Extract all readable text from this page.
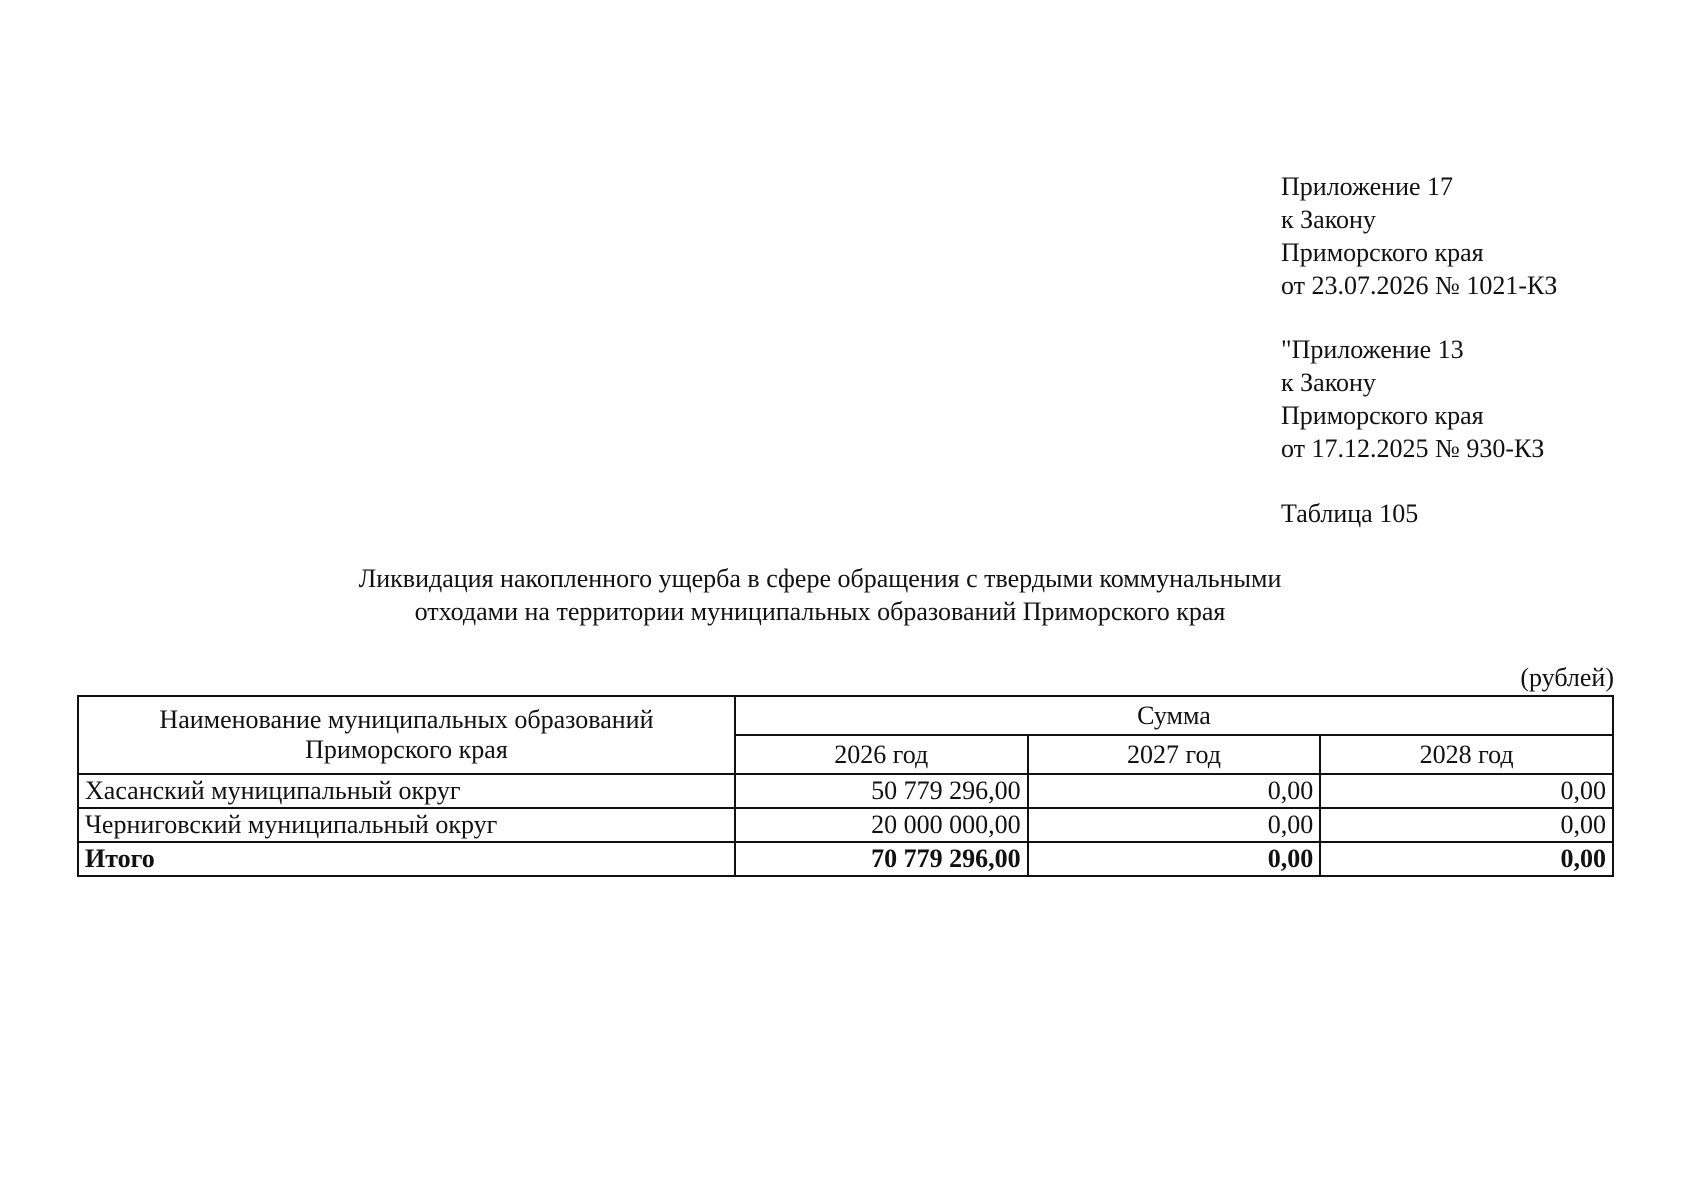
Приложение 17
к Закону
Приморского края
от 23.07.2026 № 1021-КЗ
"Приложение 13
к Закону
Приморского края
от 17.12.2025 № 930-КЗ
Таблица 105
Ликвидация накопленного ущерба в сфере обращения с твердыми коммунальными
отходами на территории муниципальных образований Приморского края
(рублей)
Наименование муниципальных образований
Приморского края	Сумма		
	2026 год	2027 год	2028 год
Хасанский муниципальный округ	50 779 296,00	0,00	0,00
Черниговский муниципальный округ	20 000 000,00	0,00	0,00
Итого	70 779 296,00	0,00	0,00
